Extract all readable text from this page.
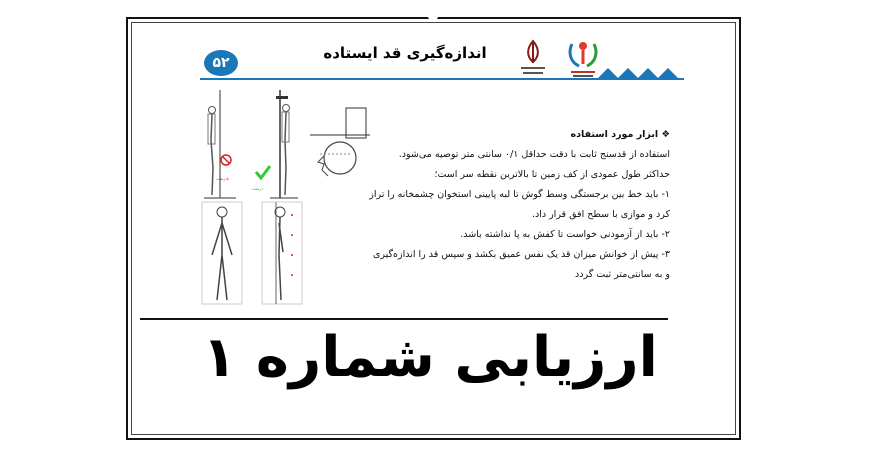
۵۲
اندازه‌گیری قد ایستاده

❖ ابزار مورد استفاده

استفاده از قدسنج ثابت با دقت حداقل ۰/۱ سانتی متر توصیه می‌شود.

حداکثر طول عمودی از کف زمین تا بالاترین نقطه سر است؛

۱- باید خط بین برجستگی وسط گوش تا لبه پایینی استخوان چشمخانه را تراز

کرد و موازی با سطح افق قرار داد.

۲- باید از آزمودنی خواست تا کفش به پا نداشته باشد.

۳- پیش از خوانش میزان قد یک نفس عمیق بکشد و سپس قد را اندازه‌گیری

و به سانتی‌متر ثبت گردد

نادرست
درست
ارزیابی شماره ۱
